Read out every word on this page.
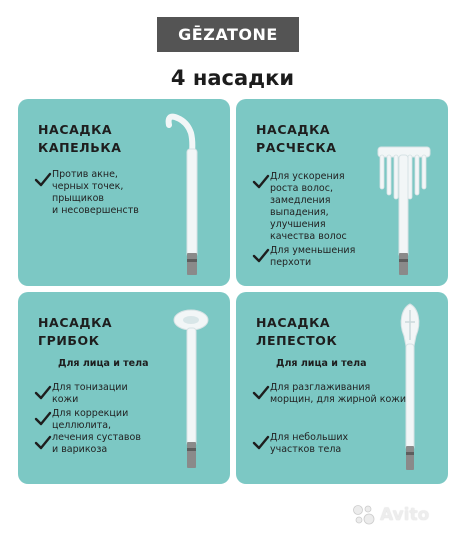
GĒZATONE
4 насадки
НАСАДКА
КАПЕЛЬКА
Против акне,
черных точек,
прыщиков
и несовершенств
НАСАДКА
РАСЧЕСКА
Для ускорения
роста волос,
замедления
выпадения,
улучшения
качества волос
Для уменьшения
перхоти
НАСАДКА
ГРИБОК
Для лица и тела
Для тонизации
кожи
Для коррекции
целлюлита,
лечения суставов
и варикоза
НАСАДКА
ЛЕПЕСТОК
Для лица и тела
Для разглаживания
морщин, для жирной кожи
Для небольших
участков тела
Avito
